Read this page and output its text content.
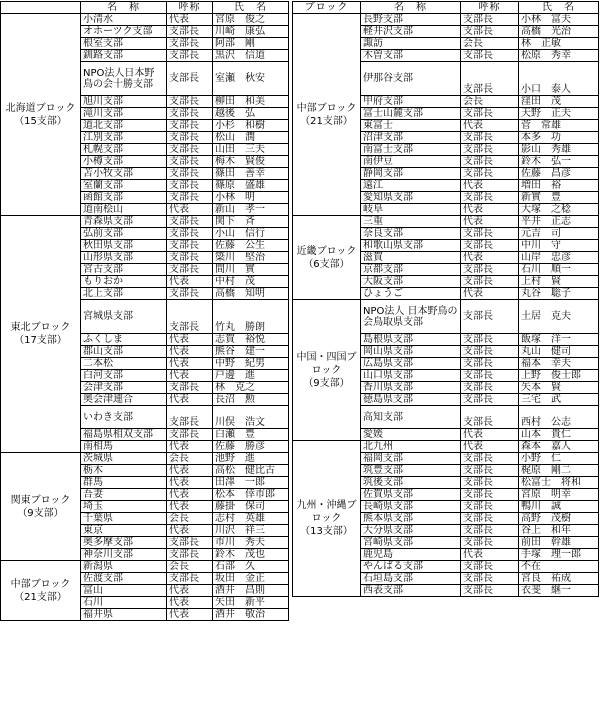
	名　称	呼称	氏　名
北海道ブロック
（15支部）	小清水	代表	宮原　俊之
	オホーツク支部	支部長	川崎　康弘
	根室支部	支部長	阿部　剛
	釧路支部	支部長	黒沢　信道
	NPO法人日本野鳥の会十勝支部	支部長	室瀬　秋安
	旭川支部	支部長	柳田　和美
	滝川支部	支部長	越後　弘
	道北支部	支部長	小杉　和樹
	江別支部	支部長	松山　潤
	札幌支部	支部長	山田　三夫
	小樽支部	支部長	梅木　賢俊
	苫小牧支部	支部長	篠田　善幸
	室蘭支部	支部長	篠原　盛雄
	函館支部	支部長	小林　明
	道南桧山	代表	新山　孝一
東北ブロック
（17支部）	青森県支部	支部長	関下　斉
	弘前支部	支部長	小山　信行
	秋田県支部	支部長	佐藤　公生
	山形県支部	支部長	簗川　堅治
	宮古支部	支部長	間川　實
	もりおか	代表	中村　茂
	北上支部	支部長	高橋　知明
	宮城県支部	支部長	竹丸　勝朗
	ふくしま	代表	志賀　裕悦
	郡山支部	代表	熊谷　建一
	二本松	代表	中野　紀男
	白河支部	代表	戸邊　進
	会津支部	支部長	林　克之
	奥会津連合	代表	長沼　勲
	いわき支部	支部長	川俣　浩文
	福島県相双支部	支部長	白瀬　豊
	南相馬	代表	佐藤　勝彦
関東ブロック
（9支部）	茨城県	会長	池野　進
	栃木	代表	高松　健比古
	群馬	代表	田澤　一郎
	吾妻	代表	松本　倖市郎
	埼玉	代表	藤掛　保司
	千葉県	会長	志村　英雄
	東京	代表	川沢　祥三
	奥多摩支部	支部長	市川　秀夫
	神奈川支部	支部長	鈴木　茂也
中部ブロック
（21支部）	新潟県	会長	石部　久
	佐渡支部	支部長	坂田　金正
	富山	代表	酒井　昌則
	石川	代表	矢田　新平
	福井県	代表	酒井　敬治
ブロック	名　称	呼称	氏　名
中部ブロック
（21支部）	長野支部	支部長	小林　富夫
	軽井沢支部	支部長	高橋　光治
	諏訪	会長	林　正敏
	木曽支部	支部長	松原　秀幸
	伊那谷支部	支部長	小口　泰人
	甲府支部	会長	窪田　茂
	富士山麓支部	支部長	天野　正夫
	東富士	代表	菅　常雄
	沼津支部	支部長	本多　功
	南富士支部	支部長	影山　秀雄
	南伊豆	支部長	鈴木　弘一
	静岡支部	支部長	佐藤　昌彦
	遠江	代表	増田　裕
	愛知県支部	支部長	新實　豊
	岐阜	代表	大塚　之稔
近畿ブロック
（6支部）	三重	代表	平井　正志
	奈良支部	支部長	元吉　司
	和歌山県支部	支部長	中川　守
	滋賀	代表	山岸　忠彦
	京都支部	支部長	石川　順一
	大阪支部	支部長	上村　賢
	ひょうご	代表	丸谷　聡子
中国・四国ブロック
（9支部）	NPO法人 日本野鳥の会鳥取県支部	支部長	土居　克夫
	島根県支部	支部長	飯塚　洋一
	岡山県支部	支部長	丸山　健司
	広島県支部	支部長	福本　幸夫
	山口県支部	支部長	上野　俊士郎
	香川県支部	支部長	矢本　賢
	徳島県支部	支部長	三宅　武
	高知支部	支部長	西村　公志
	愛媛	代表	山本　貴仁
九州・沖縄ブロック
（13支部）	北九州	代表	森本　嘉人
	福岡支部	支部長	小野　仁
	筑豊支部	支部長	梶原　剛二
	筑後支部	支部長	松富士　将和
	佐賀県支部	支部長	宮原　明幸
	長崎県支部	支部長	鴨川　誠
	熊本県支部	支部長	高野　茂樹
	大分県支部	支部長	谷上　和年
	宮崎県支部	支部長	前田　幹雄
	鹿児島	代表	手塚　理一郎
	やんばる支部	支部長	不在
	石垣島支部	支部長	宮良　祐成
	西表支部	支部長	衣斐　継一
